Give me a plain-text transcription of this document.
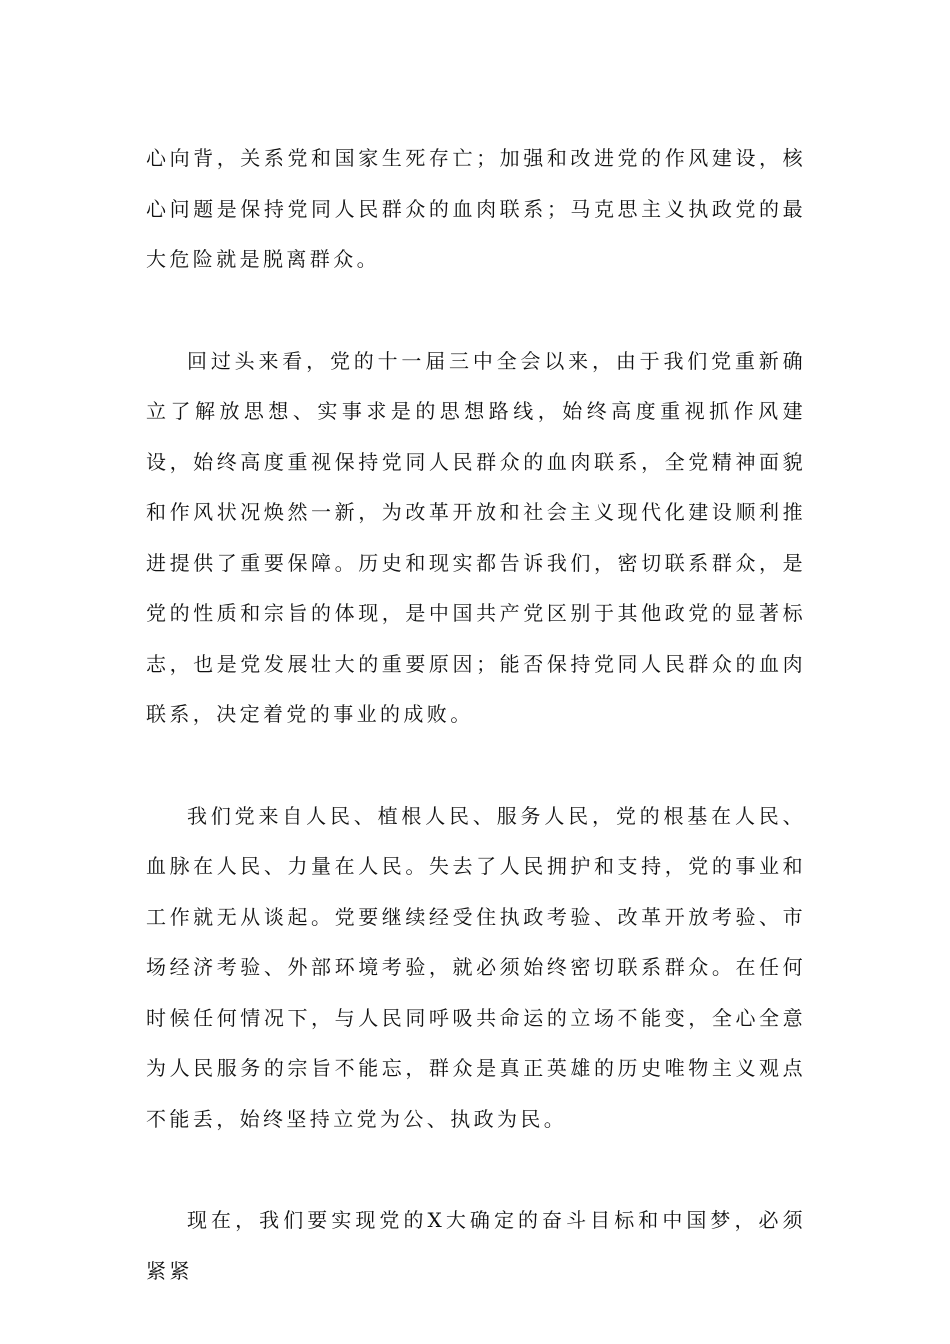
心向背，关系党和国家生死存亡；加强和改进党的作风建设，核心问题是保持党同人民群众的血肉联系；马克思主义执政党的最大危险就是脱离群众。

回过头来看，党的十一届三中全会以来，由于我们党重新确立了解放思想、实事求是的思想路线，始终高度重视抓作风建设，始终高度重视保持党同人民群众的血肉联系，全党精神面貌和作风状况焕然一新，为改革开放和社会主义现代化建设顺利推进提供了重要保障。历史和现实都告诉我们，密切联系群众，是党的性质和宗旨的体现，是中国共产党区别于其他政党的显著标志，也是党发展壮大的重要原因；能否保持党同人民群众的血肉联系，决定着党的事业的成败。

我们党来自人民、植根人民、服务人民，党的根基在人民、血脉在人民、力量在人民。失去了人民拥护和支持，党的事业和工作就无从谈起。党要继续经受住执政考验、改革开放考验、市场经济考验、外部环境考验，就必须始终密切联系群众。在任何时候任何情况下，与人民同呼吸共命运的立场不能变，全心全意为人民服务的宗旨不能忘，群众是真正英雄的历史唯物主义观点不能丢，始终坚持立党为公、执政为民。

现在，我们要实现党的X大确定的奋斗目标和中国梦，必须紧紧
